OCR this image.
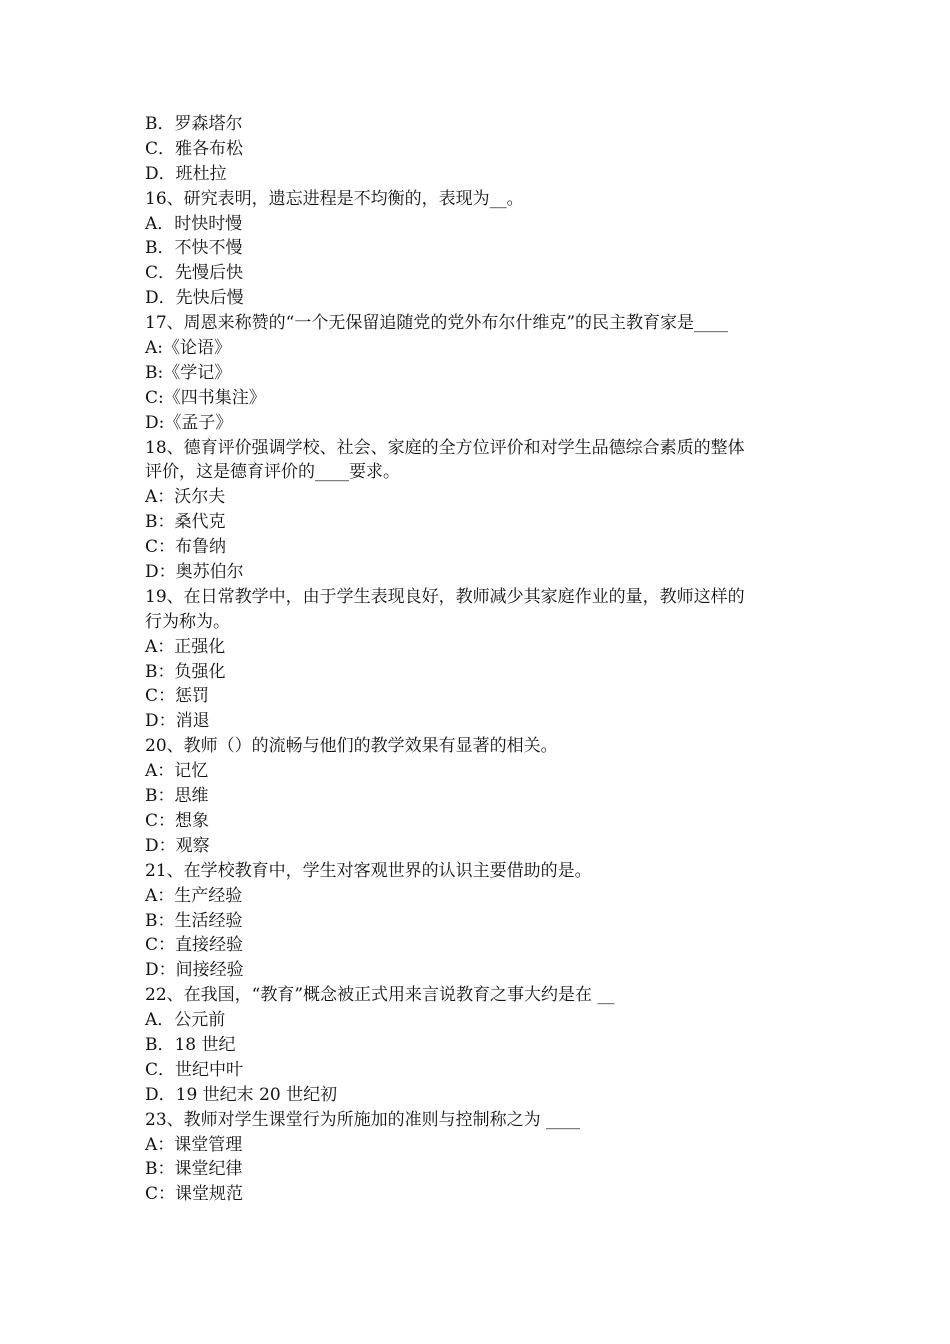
B．罗森塔尔
C．雅各布松
D．班杜拉
16、研究表明，遗忘进程是不均衡的，表现为__。
A．时快时慢
B．不快不慢
C．先慢后快
D．先快后慢
17、周恩来称赞的“一个无保留追随党的党外布尔什维克”的民主教育家是____
A:《论语》
B:《学记》
C:《四书集注》
D:《孟子》
18、德育评价强调学校、社会、家庭的全方位评价和对学生品德综合素质的整体
评价，这是德育评价的____要求。
A：沃尔夫
B：桑代克
C：布鲁纳
D：奥苏伯尔
19、在日常教学中，由于学生表现良好，教师减少其家庭作业的量，教师这样的
行为称为。
A：正强化
B：负强化
C：惩罚
D：消退
20、教师（）的流畅与他们的教学效果有显著的相关。
A：记忆
B：思维
C：想象
D：观察
21、在学校教育中，学生对客观世界的认识主要借助的是。
A：生产经验
B：生活经验
C：直接经验
D：间接经验
22、在我国，“教育”概念被正式用来言说教育之事大约是在 __
A．公元前
B．18 世纪
C．世纪中叶
D．19 世纪末 20 世纪初
23、教师对学生课堂行为所施加的准则与控制称之为 ____
A：课堂管理
B：课堂纪律
C：课堂规范
